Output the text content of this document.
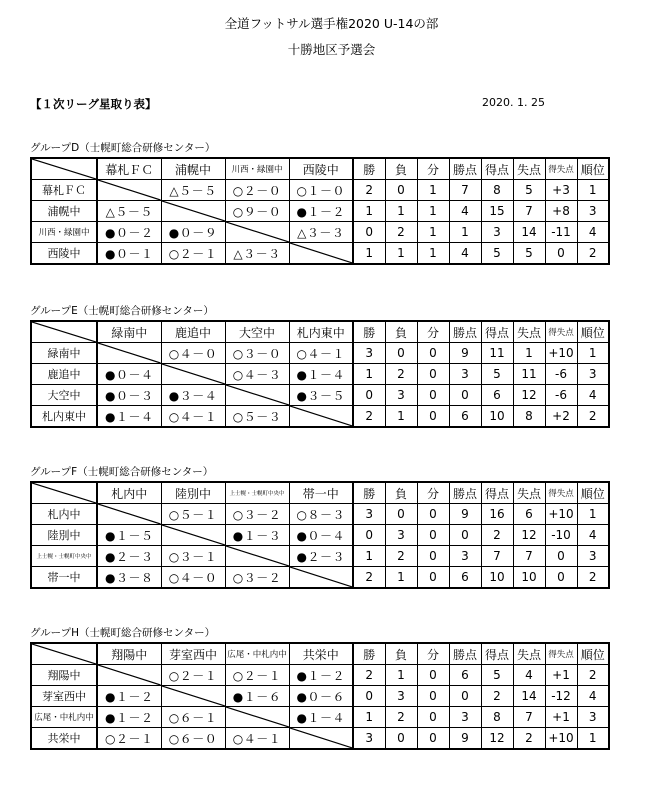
全道フットサル選手権2020 U-14の部
十勝地区予選会
【１次リーグ星取り表】	2020. 1. 25
グループD（士幌町総合研修センター）
	幕札ＦＣ	浦幌中	川西・緑園中	西陵中	勝	負	分	勝点	得点	失点	得失点	順位
幕札ＦＣ		△５－５	○２－０	○１－０	2	0	1	7	8	5	+3	1
浦幌中	△５－５		○９－０	●１－２	1	1	1	4	15	7	+8	3
川西・緑園中	●０－２	●０－９		△３－３	0	2	1	1	3	14	-11	4
西陵中	●０－１	○２－１	△３－３		1	1	1	4	5	5	0	2
グループE（士幌町総合研修センター）
	緑南中	鹿追中	大空中	札内東中	勝	負	分	勝点	得点	失点	得失点	順位
緑南中		○４－０	○３－０	○４－１	3	0	0	9	11	1	+10	1
鹿追中	●０－４		○４－３	●１－４	1	2	0	3	5	11	-6	3
大空中	●０－３	●３－４		●３－５	0	3	0	0	6	12	-6	4
札内東中	●１－４	○４－１	○５－３		2	1	0	6	10	8	+2	2
グループF（士幌町総合研修センター）
	札内中	陸別中	上士幌・士幌町中央中	帯一中	勝	負	分	勝点	得点	失点	得失点	順位
札内中		○５－１	○３－２	○８－３	3	0	0	9	16	6	+10	1
陸別中	●１－５		●１－３	●０－４	0	3	0	0	2	12	-10	4
上士幌・士幌町中央中	●２－３	○３－１		●２－３	1	2	0	3	7	7	0	3
帯一中	●３－８	○４－０	○３－２		2	1	0	6	10	10	0	2
グループH（士幌町総合研修センター）
	翔陽中	芽室西中	広尾・中札内中	共栄中	勝	負	分	勝点	得点	失点	得失点	順位
翔陽中		○２－１	○２－１	●１－２	2	1	0	6	5	4	+1	2
芽室西中	●１－２		●１－６	●０－６	0	3	0	0	2	14	-12	4
広尾・中札内中	●１－２	○６－１		●１－４	1	2	0	3	8	7	+1	3
共栄中	○２－１	○６－０	○４－１		3	0	0	9	12	2	+10	1
